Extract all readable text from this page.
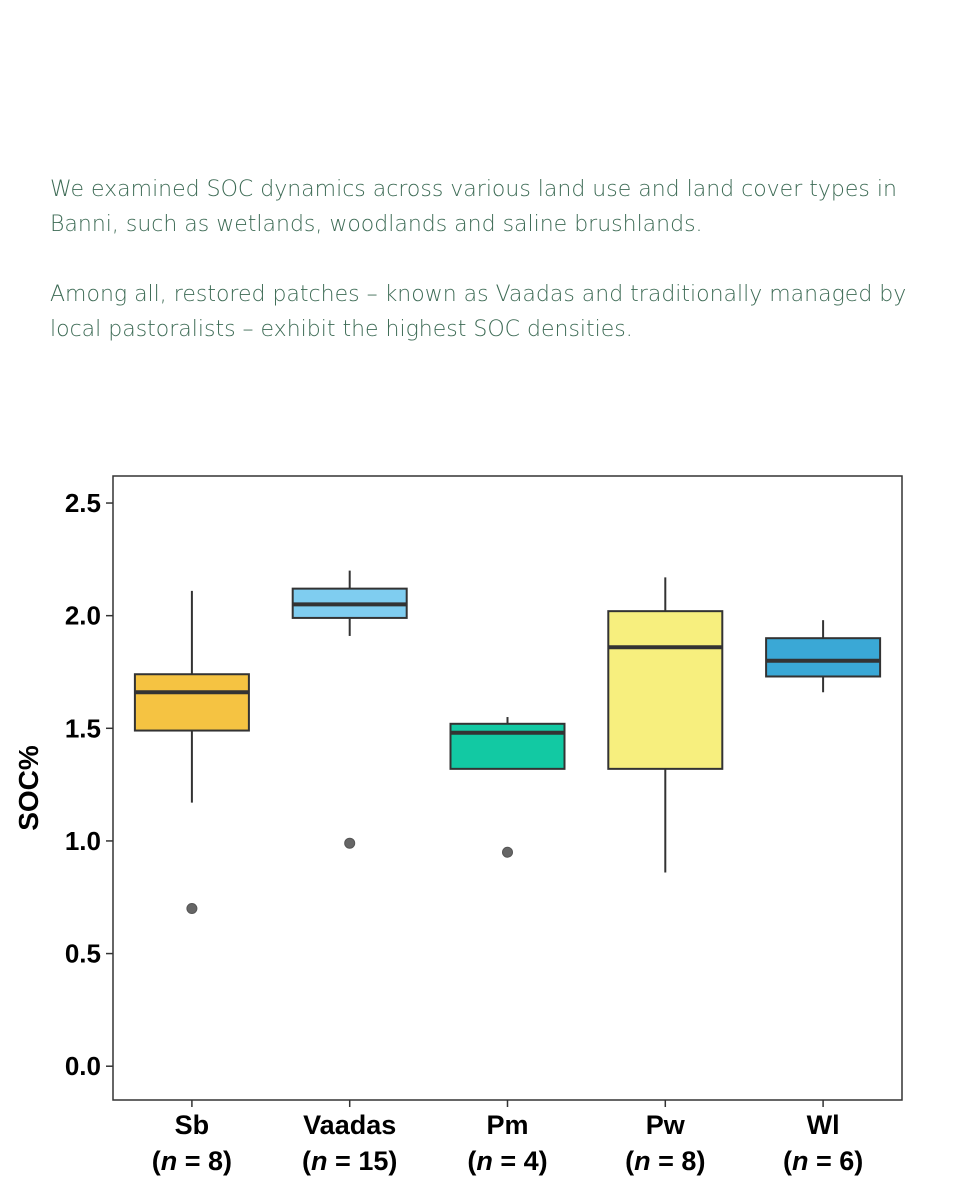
We examined SOC dynamics across various land use and land cover types in Banni, such as wetlands, woodlands and saline brushlands.

Among all, restored patches – known as Vaadas and traditionally managed by local pastoralists – exhibit the highest SOC densities.

0.0
0.5
1.0
1.5
2.0
2.5
Sb
(n = 8)
Vaadas
(n = 15)
Pm
(n = 4)
Pw
(n = 8)
Wl
(n = 6)
SOC%
